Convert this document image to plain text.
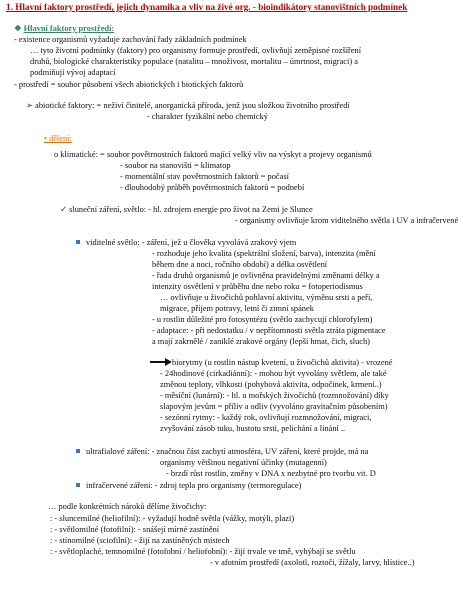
1. Hlavní faktory prostředí, jejich dynamika a vliv na živé org. - bioindikátory stanovištních podmínek
❖ Hlavní faktory prostředí:
- existence organismů vyžaduje zachování řady základních podmínek
… tyto životní podmínky (faktory) pro organismy formuje prostředí, ovlivňují zeměpisné rozšíření
druhů, biologické charakteristiky populace (natalitu – množivost, mortalitu – úmrtnost, migraci) a
podmiňují vývoj adaptací
- prostředí = soubor působení všech abiotických i biotických faktorů
➢ abiotické faktory: = neživí činitelé, anorganická příroda, jenž jsou složkou životního prostředí
- charakter fyzikální nebo chemický
• dělení:
o klimatické: = soubor povětrnostních faktorů mající velký vliv na výskyt a projevy organismů
- soubor na stanovišti = klimatop
- momentální stav povětrnostních faktorů = počasí
- dlouhodobý průběh povětrnostních faktorů = podnebí
✓ sluneční záření, světlo: - hl. zdrojem energie pro život na Zemi je Slunce
- organismy ovlivňuje krom viditelného světla i UV a infračervené
viditelné světlo: - záření, jež u člověka vyvolává zrakový vjem
- rozhoduje jeho kvalita (spektrální složení, barva), intenzita (mění
během dne a noci, ročního období) a délka osvětlení
- řada druhů organismů je ovlivněna pravidelnými změnami délky a
intenzity osvětlení v průběhu dne nebo roku = fotoperiodismus
… ovlivňuje u živočichů pohlavní aktivitu, výměnu srsti a peří,
migrace, příjem potravy, letní či zimní spánek
- u rostlin důležité pro fotosyntézu (světlo zachycují chlorofylem)
- adaptace: - při nedostatku / v nepřítomnosti světla ztráta pigmentace
a mají zakrnělé / zaniklé zrakové orgány (lepší hmat, čich, sluch)
biorytmy (u rostlin nástup kvetení, u živočichů aktivita) - vrozené
- 24hodinové (cirkadiánní): - mohou být vyvolány světlem, ale také
změnou teploty, vlhkosti (pohybová aktivita, odpočinek, krmení..)
- měsíční (lunární): - hl. u mořských živočichů (rozmnožování) díky
slapovým jevům = příliv a odliv (vyvoláno gravitačním působením)
- sezónní rytmy: - každý rok, ovlivňují rozmnožování, migraci,
zvyšování zásob tuku, hustotu srsti, pelichání a línání ..
ultrafialové záření: - značnou část zachytí atmosféra, UV záření, které projde, má na
organismy většinou negativní účinky (mutagenní)
- brzdí růst rostlin, změny v DNA x nezbytné pro tvorbu vit. D
infračervené záření: - zdroj tepla pro organismy (termoregulace)
… podle konkrétních nároků dělíme živočichy:
: - sluncemilné (heliofilní): - vyžadují hodně světla (vážky, motýli, plazi)
: - světlomilné (fotofilní): - snášejí mírné zastínění
: - stínomilné (sciofilní): - žijí na zastíněných místech
: - světloplaché, temnomilné (fotofobní / heliofobní): - žijí trvale ve tmě, vyhýbají se světlu
- v afotním prostředí (axolotl, roztoči, žížaly, larvy, hlístice..)
